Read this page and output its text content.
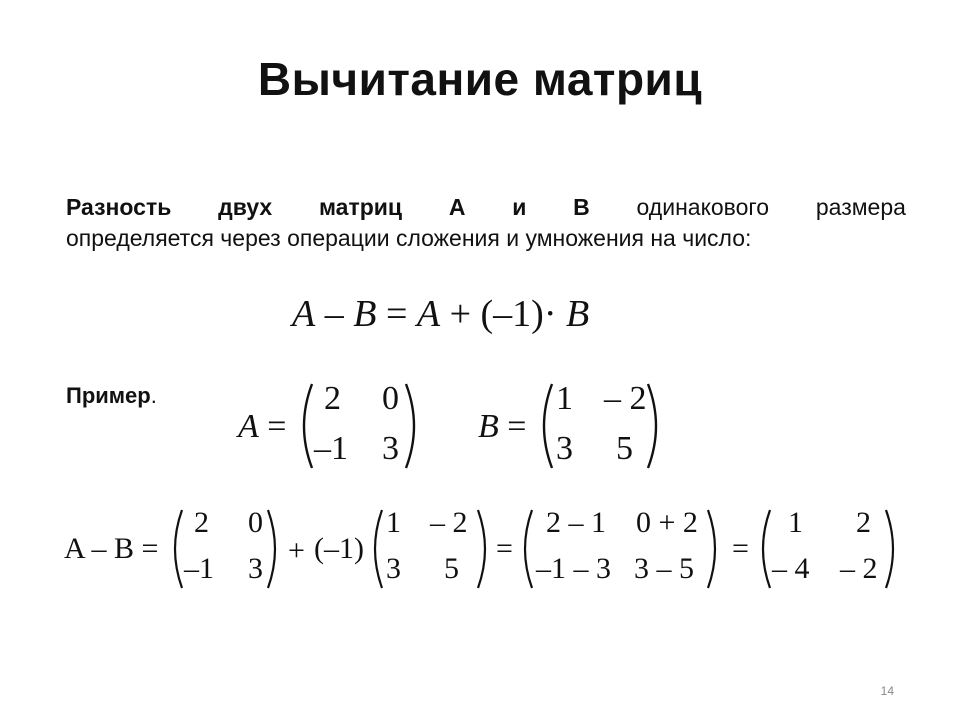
Вычитание матриц
Разность двух матриц A и B одинакового размера
определяется через операции сложения и умножения на число:
A – B = A + (–1)· B
Пример.
A =
2 0
–1 3
B =
1 – 2
3 5
A – B =
2 0
–1 3
+ (–1)
1 – 2
3 5
=
2 – 1 0 + 2
–1 – 3 3 – 5
=
1 2
– 4 – 2
14
